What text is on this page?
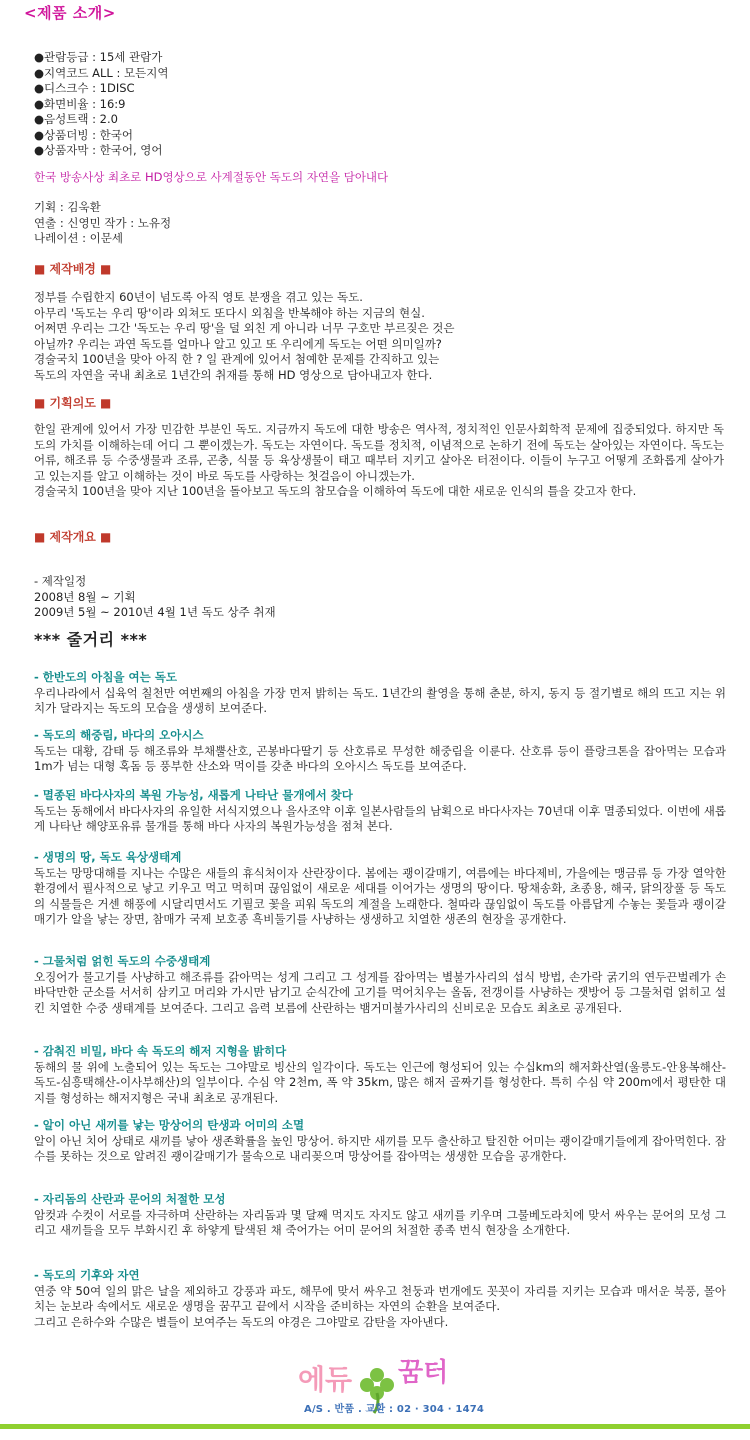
<제품 소개>
●관람등급 : 15세 관람가
●지역코드 ALL : 모든지역
●디스크수 : 1DISC
●화면비율 : 16:9
●음성트랙 : 2.0
●상품더빙 : 한국어
●상품자막 : 한국어, 영어
한국 방송사상 최초로 HD영상으로 사계절동안 독도의 자연을 담아내다
기획 : 김욱환
연출 : 신영민 작가 : 노유정
나레이션 : 이문세
■ 제작배경 ■
정부를 수립한지 60년이 넘도록 아직 영토 분쟁을 겪고 있는 독도.
아무리 '독도는 우리 땅'이라 외쳐도 또다시 외침을 반복해야 하는 지금의 현실.
어쩌면 우리는 그간 '독도는 우리 땅'을 덜 외친 게 아니라 너무 구호만 부르짖은 것은
아닐까? 우리는 과연 독도를 얼마나 알고 있고 또 우리에게 독도는 어떤 의미일까?
경술국치 100년을 맞아 아직 한 ? 일 관계에 있어서 첨예한 문제를 간직하고 있는
독도의 자연을 국내 최초로 1년간의 취재를 통해 HD 영상으로 담아내고자 한다.
■ 기획의도 ■
한일 관계에 있어서 가장 민감한 부분인 독도. 지금까지 독도에 대한 방송은 역사적, 정치적인 인문사회학적 문제에 집중되었다. 하지만 독도의 가치를 이해하는데 어디 그 뿐이겠는가. 독도는 자연이다. 독도를 정치적, 이념적으로 논하기 전에 독도는 살아있는 자연이다. 독도는 어류, 해조류 등 수중생물과 조류, 곤충, 식물 등 육상생물이 태고 때부터 지키고 살아온 터전이다. 이들이 누구고 어떻게 조화롭게 살아가고 있는지를 알고 이해하는 것이 바로 독도를 사랑하는 첫걸음이 아니겠는가.
경술국치 100년을 맞아 지난 100년을 돌아보고 독도의 참모습을 이해하여 독도에 대한 새로운 인식의 틀을 갖고자 한다.
■ 제작개요 ■
- 제작일정
2008년 8월 ~ 기획
2009년 5월 ~ 2010년 4월 1년 독도 상주 취재
*** 줄거리 ***
- 한반도의 아침을 여는 독도
우리나라에서 십육억 칠천만 여번째의 아침을 가장 먼저 밝히는 독도. 1년간의 촬영을 통해 춘분, 하지, 동지 등 절기별로 해의 뜨고 지는 위치가 달라지는 독도의 모습을 생생히 보여준다.
- 독도의 해중림, 바다의 오아시스
독도는 대황, 감태 등 해조류와 부채뿔산호, 곤봉바다딸기 등 산호류로 무성한 해중림을 이룬다. 산호류 등이 플랑크톤을 잡아먹는 모습과 1m가 넘는 대형 혹돔 등 풍부한 산소와 먹이를 갖춘 바다의 오아시스 독도를 보여준다.
- 멸종된 바다사자의 복원 가능성, 새롭게 나타난 물개에서 찾다
독도는 동해에서 바다사자의 유일한 서식지였으나 을사조약 이후 일본사람들의 남획으로 바다사자는 70년대 이후 멸종되었다. 이번에 새롭게 나타난 해양포유류 물개를 통해 바다 사자의 복원가능성을 점쳐 본다.
- 생명의 땅, 독도 육상생태계
독도는 망망대해를 지나는 수많은 새들의 휴식처이자 산란장이다. 봄에는 괭이갈매기, 여름에는 바다제비, 가을에는 맹금류 등 가장 열악한 환경에서 필사적으로 낳고 키우고 먹고 먹히며 끊임없이 새로운 세대를 이어가는 생명의 땅이다. 땅채송화, 초종용, 해국, 닭의장풀 등 독도의 식물들은 거센 해풍에 시달리면서도 기필코 꽃을 피워 독도의 계절을 노래한다. 철따라 끊임없이 독도를 아름답게 수놓는 꽃들과 괭이갈매기가 알을 낳는 장면, 참매가 국제 보호종 흑비둘기를 사냥하는 생생하고 치열한 생존의 현장을 공개한다.
- 그물처럼 얽힌 독도의 수중생태계
오징어가 물고기를 사냥하고 해조류를 갉아먹는 성게 그리고 그 성게를 잡아먹는 별불가사리의 섭식 방법, 손가락 굵기의 연두끈벌레가 손바닥만한 군소를 서서히 삼키고 머리와 가시만 남기고 순식간에 고기를 먹어치우는 올돔, 전갱이를 사냥하는 잿방어 등 그물처럼 얽히고 설킨 치열한 수중 생태계를 보여준다. 그리고 음력 보름에 산란하는 뱀거미불가사리의 신비로운 모습도 최초로 공개된다.
- 감춰진 비밀, 바다 속 독도의 해저 지형을 밝히다
동해의 물 위에 노출되어 있는 독도는 그야말로 빙산의 일각이다. 독도는 인근에 형성되어 있는 수십km의 해저화산열(울릉도-안용복해산-독도-심흥택해산-이사부해산)의 일부이다. 수심 약 2천m, 폭 약 35km, 많은 해저 골짜기를 형성한다. 특히 수심 약 200m에서 평탄한 대지를 형성하는 해저지형은 국내 최초로 공개된다.
- 알이 아닌 새끼를 낳는 망상어의 탄생과 어미의 소멸
알이 아닌 치어 상태로 새끼를 낳아 생존확률을 높인 망상어. 하지만 새끼를 모두 출산하고 탈진한 어미는 괭이갈매기들에게 잡아먹힌다. 잠수를 못하는 것으로 알려진 괭이갈매기가 물속으로 내리꽂으며 망상어를 잡아먹는 생생한 모습을 공개한다.
- 자리돔의 산란과 문어의 처절한 모성
암컷과 수컷이 서로를 자극하며 산란하는 자리돔과 몇 달째 먹지도 자지도 않고 새끼를 키우며 그물베도라치에 맞서 싸우는 문어의 모성 그리고 새끼들을 모두 부화시킨 후 하얗게 탈색된 채 죽어가는 어미 문어의 처절한 종족 번식 현장을 소개한다.
- 독도의 기후와 자연
연중 약 50여 일의 맑은 날을 제외하고 강풍과 파도, 해무에 맞서 싸우고 천둥과 번개에도 꼿꼿이 자리를 지키는 모습과 매서운 북풍, 몰아치는 눈보라 속에서도 새로운 생명을 꿈꾸고 끝에서 시작을 준비하는 자연의 순환을 보여준다.
그리고 은하수와 수많은 별들이 보여주는 독도의 야경은 그야말로 감탄을 자아낸다.
에듀 꿈터
A/S . 반품 . 교환 : 02 · 304 · 1474
